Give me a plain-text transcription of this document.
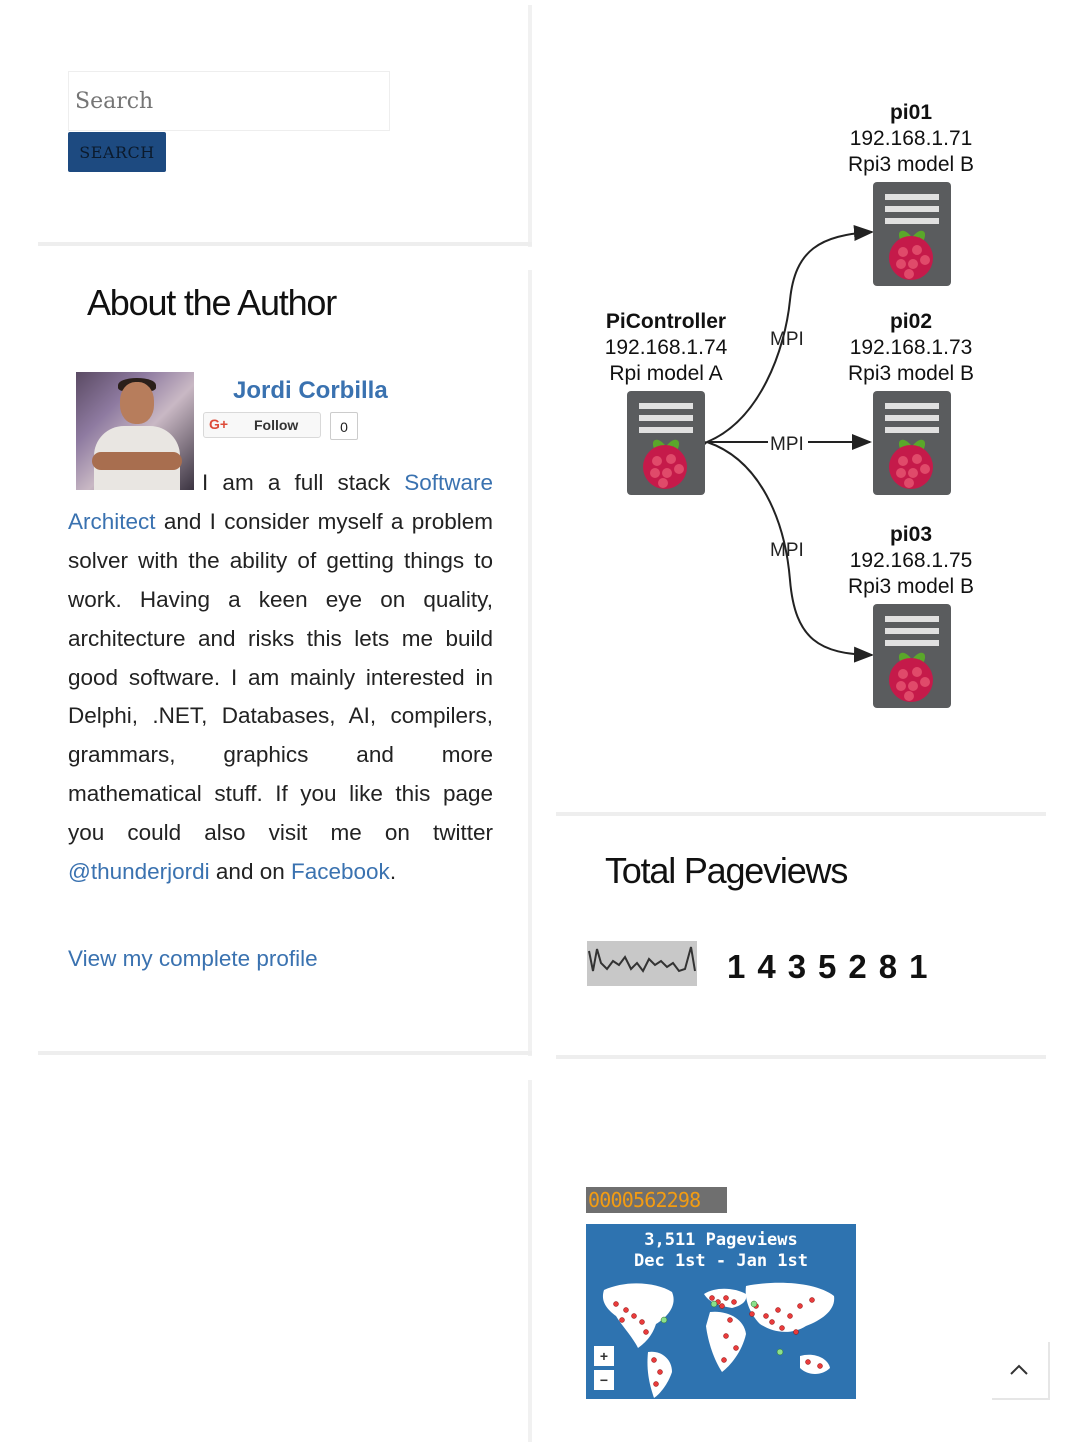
Search
SEARCH
About the Author
Jordi Corbilla
G+ Follow	0
I am a full stack Software Architect and I consider myself a problem solver with the ability of getting things to work. Having a keen eye on quality, architecture and risks this lets me build good software. I am mainly interested in Delphi, .NET, Databases, AI, compilers, grammars, graphics and more mathematical stuff. If you like this page you could also visit me on twitter @thunderjordi and on Facebook.
View my complete profile
MPI
MPI
MPI
PiController
192.168.1.74
Rpi model A
pi01
192.168.1.71
Rpi3 model B
pi02
192.168.1.73
Rpi3 model B
pi03
192.168.1.75
Rpi3 model B
Total Pageviews
1435281
0000562298
3,511 Pageviews
Dec 1st - Jan 1st
+
−
